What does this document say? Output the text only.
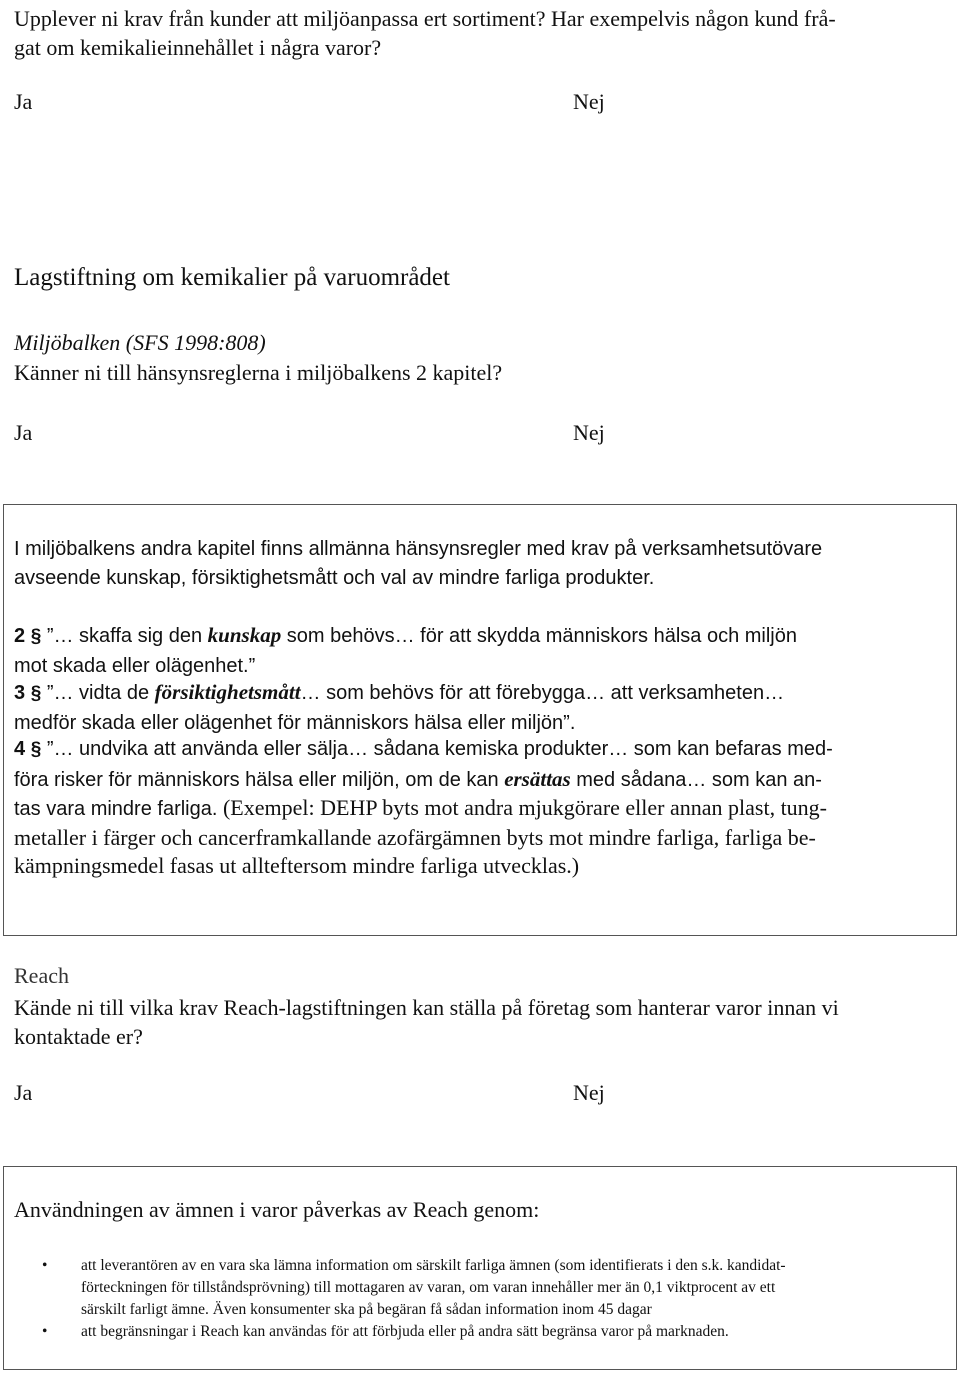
Upplever ni krav från kunder att miljöanpassa ert sortiment? Har exempelvis någon kund frå-
gat om kemikalieinnehållet i några varor?
Ja	Nej
Lagstiftning om kemikalier på varuområdet
Miljöbalken (SFS 1998:808)
Känner ni till hänsynsreglerna i miljöbalkens 2 kapitel?
Ja	Nej
I miljöbalkens andra kapitel finns allmänna hänsynsregler med krav på verksamhetsutövare
avseende kunskap, försiktighetsmått och val av mindre farliga produkter.
2 § ”… skaffa sig den kunskap som behövs… för att skydda människors hälsa och miljön
mot skada eller olägenhet.”
3 § ”… vidta de försiktighetsmått… som behövs för att förebygga… att verksamheten…
medför skada eller olägenhet för människors hälsa eller miljön”.
4 § ”… undvika att använda eller sälja… sådana kemiska produkter… som kan befaras med-
föra risker för människors hälsa eller miljön, om de kan ersättas med sådana… som kan an-
tas vara mindre farliga. (Exempel: DEHP byts mot andra mjukgörare eller annan plast, tung-
metaller i färger och cancerframkallande azofärgämnen byts mot mindre farliga, farliga be-
kämpningsmedel fasas ut allteftersom mindre farliga utvecklas.)
Reach
Kände ni till vilka krav Reach-lagstiftningen kan ställa på företag som hanterar varor innan vi
kontaktade er?
Ja	Nej
Användningen av ämnen i varor påverkas av Reach genom:
• att leverantören av en vara ska lämna information om särskilt farliga ämnen (som identifierats i den s.k. kandidat-
förteckningen för tillståndsprövning) till mottagaren av varan, om varan innehåller mer än 0,1 viktprocent av ett
särskilt farligt ämne. Även konsumenter ska på begäran få sådan information inom 45 dagar
• att begränsningar i Reach kan användas för att förbjuda eller på andra sätt begränsa varor på marknaden.
